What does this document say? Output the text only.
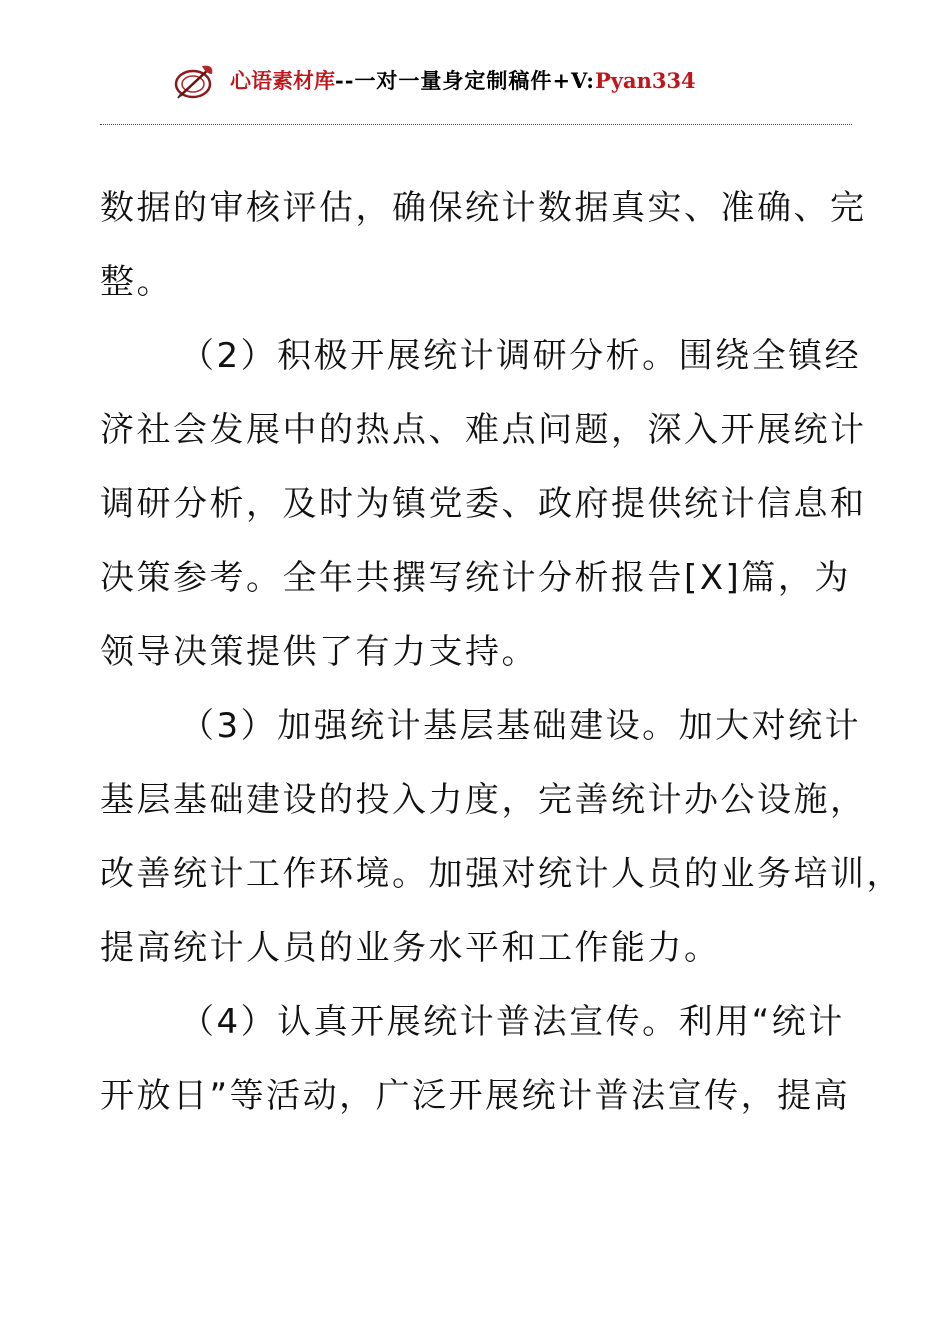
心语素材库--一对一量身定制稿件+V:Pyan334
数据的审核评估，确保统计数据真实、准确、完
整。
（2）积极开展统计调研分析。围绕全镇经
济社会发展中的热点、难点问题，深入开展统计
调研分析，及时为镇党委、政府提供统计信息和
决策参考。全年共撰写统计分析报告[X]篇，为
领导决策提供了有力支持。
（3）加强统计基层基础建设。加大对统计
基层基础建设的投入力度，完善统计办公设施，
改善统计工作环境。加强对统计人员的业务培训，
提高统计人员的业务水平和工作能力。
（4）认真开展统计普法宣传。利用“统计
开放日”等活动，广泛开展统计普法宣传，提高
